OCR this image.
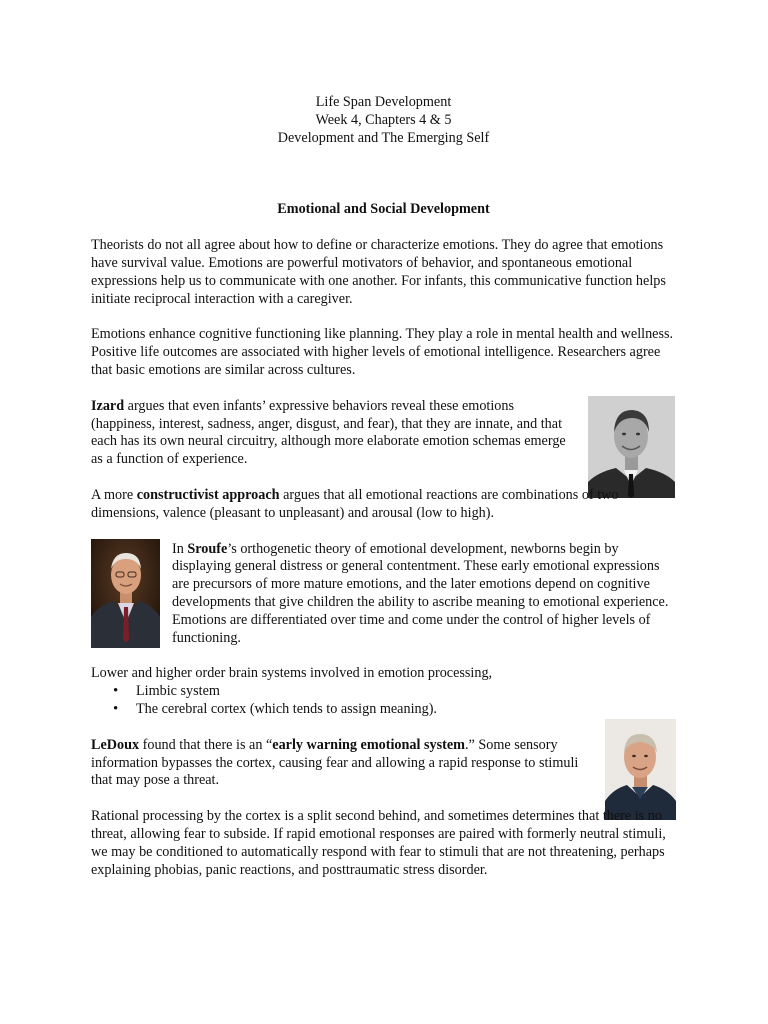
Life Span Development
Week 4, Chapters 4 & 5
Development and The Emerging Self
Emotional and Social Development

Theorists do not all agree about how to define or characterize emotions. They do agree that emotions have survival value. Emotions are powerful motivators of behavior, and spontaneous emotional expressions help us to communicate with one another. For infants, this communicative function helps initiate reciprocal interaction with a caregiver.

Emotions enhance cognitive functioning like planning. They play a role in mental health and wellness. Positive life outcomes are associated with higher levels of emotional intelligence. Researchers agree that basic emotions are similar across cultures.

Izard argues that even infants’ expressive behaviors reveal these emotions (happiness, interest, sadness, anger, disgust, and fear), that they are innate, and that each has its own neural circuitry, although more elaborate emotion schemas emerge as a function of experience.

A more constructivist approach argues that all emotional reactions are combinations of two dimensions, valence (pleasant to unpleasant) and arousal (low to high).

In Sroufe’s orthogenetic theory of emotional development, newborns begin by displaying general distress or general contentment. These early emotional expressions are precursors of more mature emotions, and the later emotions depend on cognitive developments that give children the ability to ascribe meaning to emotional experience. Emotions are differentiated over time and come under the control of higher levels of functioning.

Lower and higher order brain systems involved in emotion processing,

• Limbic system
• The cerebral cortex (which tends to assign meaning).

LeDoux found that there is an “early warning emotional system.” Some sensory information bypasses the cortex, causing fear and allowing a rapid response to stimuli that may pose a threat.

Rational processing by the cortex is a split second behind, and sometimes determines that there is no threat, allowing fear to subside. If rapid emotional responses are paired with formerly neutral stimuli, we may be conditioned to automatically respond with fear to stimuli that are not threatening, perhaps explaining phobias, panic reactions, and posttraumatic stress disorder.
